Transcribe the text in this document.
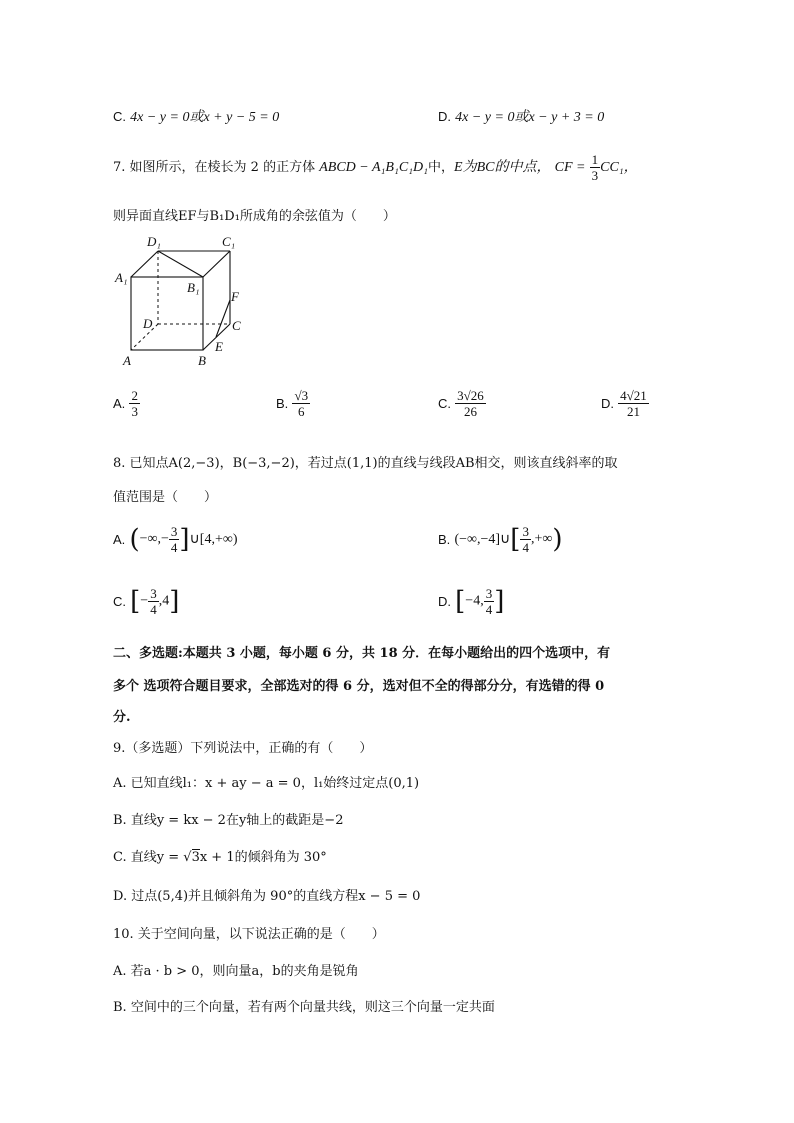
C. 4x − y = 0或x + y − 5 = 0	D. 4x − y = 0或x − y + 3 = 0
7. 如图所示，在棱长为 2 的正方体 ABCD − A₁B₁C₁D₁中，E为BC的中点， CF = $\frac{1}{3} CC_1$，
则异面直线EF与B₁D₁所成角的余弦值为（　　）
D₁	C₁
A₁
B₁
F
D	C
E
A	B
A. $\frac{2}{3}$	B. $\frac{√3}{6}$	C. $\frac{3√26}{26}$	D. $\frac{4√21}{21}$
8. 已知点A(2,−3)，B(−3,−2)，若过点(1,1)的直线与线段AB相交，则该直线斜率的取
值范围是（　　）
A. (−∞,− $\frac{3}{4}$ ]∪[4,+∞)	B. (−∞,−4]∪[ $\frac{3}{4}$ ,+∞)
C. [− $\frac{3}{4} ,4$]	D. [−4, $\frac{3}{4}$ ]
二、多选题:本题共 3 小题，每小题 6 分，共 18 分．在每小题给出的四个选项中，有
多个 选项符合题目要求，全部选对的得 6 分，选对但不全的得部分分，有选错的得 0
分.
9.（多选题）下列说法中，正确的有（　　）
A. 已知直线l₁：x + ay − a = 0，l₁始终过定点(0,1)
B. 直线y = kx − 2在y轴上的截距是−2
C. 直线y = √3x + 1的倾斜角为 30°
D. 过点(5,4)并且倾斜角为 90°的直线方程x − 5 = 0
10. 关于空间向量，以下说法正确的是（　　）
A. 若a · b > 0，则向量a，b的夹角是锐角
B. 空间中的三个向量，若有两个向量共线，则这三个向量一定共面
